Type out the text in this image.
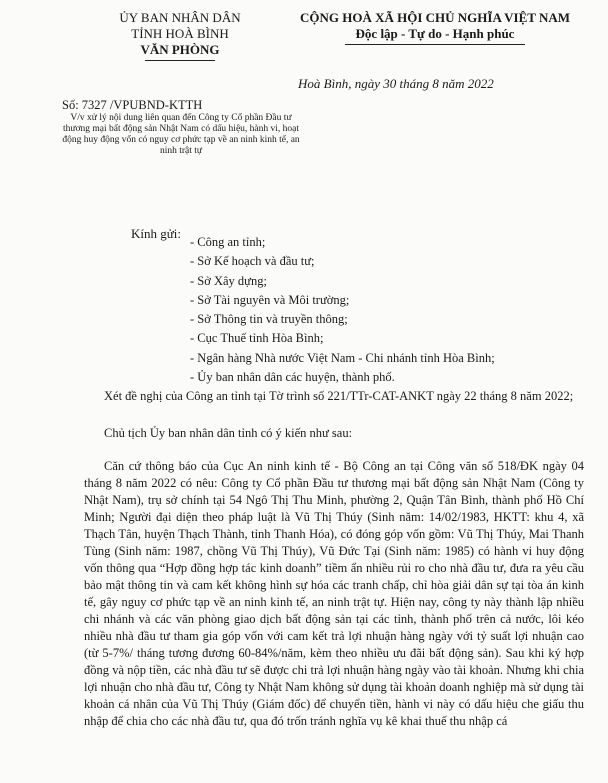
ỦY BAN NHÂN DÂN
TỈNH HOÀ BÌNH
VĂN PHÒNG
CỘNG HOÀ XÃ HỘI CHỦ NGHĨA VIỆT NAM
Độc lập - Tự do - Hạnh phúc
Hoà Bình, ngày 30 tháng 8 năm 2022
Số: 7327 /VPUBND-KTTH
V/v xử lý nội dung liên quan đến Công ty Cổ phần Đầu tư thương mại bất động sản Nhật Nam có dấu hiệu, hành vi, hoạt động huy động vốn có nguy cơ phức tạp về an ninh kinh tế, an ninh trật tự
Kính gửi:
- Công an tỉnh;
- Sở Kế hoạch và đầu tư;
- Sở Xây dựng;
- Sở Tài nguyên và Môi trường;
- Sở Thông tin và truyền thông;
- Cục Thuế tỉnh Hòa Bình;
- Ngân hàng Nhà nước Việt Nam - Chi nhánh tỉnh Hòa Bình;
- Ủy ban nhân dân các huyện, thành phố.
Xét đề nghị của Công an tỉnh tại Tờ trình số 221/TTr-CAT-ANKT ngày 22 tháng 8 năm 2022;
Chủ tịch Ủy ban nhân dân tỉnh có ý kiến như sau:
Căn cứ thông báo của Cục An ninh kinh tế - Bộ Công an tại Công văn số 518/ĐK ngày 04 tháng 8 năm 2022 có nêu: Công ty Cổ phần Đầu tư thương mại bất động sản Nhật Nam (Công ty Nhật Nam), trụ sở chính tại 54 Ngô Thị Thu Minh, phường 2, Quận Tân Bình, thành phố Hồ Chí Minh; Người đại diện theo pháp luật là Vũ Thị Thúy (Sinh năm: 14/02/1983, HKTT: khu 4, xã Thạch Tân, huyện Thạch Thành, tỉnh Thanh Hóa), có đóng góp vốn gồm: Vũ Thị Thúy, Mai Thanh Tùng (Sinh năm: 1987, chồng Vũ Thị Thúy), Vũ Đức Tại (Sinh năm: 1985) có hành vi huy động vốn thông qua “Hợp đồng hợp tác kinh doanh” tiềm ẩn nhiều rủi ro cho nhà đầu tư, đưa ra yêu cầu bảo mật thông tin và cam kết không hình sự hóa các tranh chấp, chỉ hòa giải dân sự tại tòa án kinh tế, gây nguy cơ phức tạp về an ninh kinh tế, an ninh trật tự. Hiện nay, công ty này thành lập nhiều chi nhánh và các văn phòng giao dịch bất động sản tại các tỉnh, thành phố trên cả nước, lôi kéo nhiều nhà đầu tư tham gia góp vốn với cam kết trả lợi nhuận hàng ngày với tỷ suất lợi nhuận cao (từ 5-7%/ tháng tương đương 60-84%/năm, kèm theo nhiều ưu đãi bất động sản). Sau khi ký hợp đồng và nộp tiền, các nhà đầu tư sẽ được chi trả lợi nhuận hàng ngày vào tài khoản. Nhưng khi chia lợi nhuận cho nhà đầu tư, Công ty Nhật Nam không sử dụng tài khoản doanh nghiệp mà sử dụng tài khoản cá nhân của Vũ Thị Thúy (Giám đốc) để chuyển tiền, hành vi này có dấu hiệu che giấu thu nhập để chia cho các nhà đầu tư, qua đó trốn tránh nghĩa vụ kê khai thuế thu nhập cá
